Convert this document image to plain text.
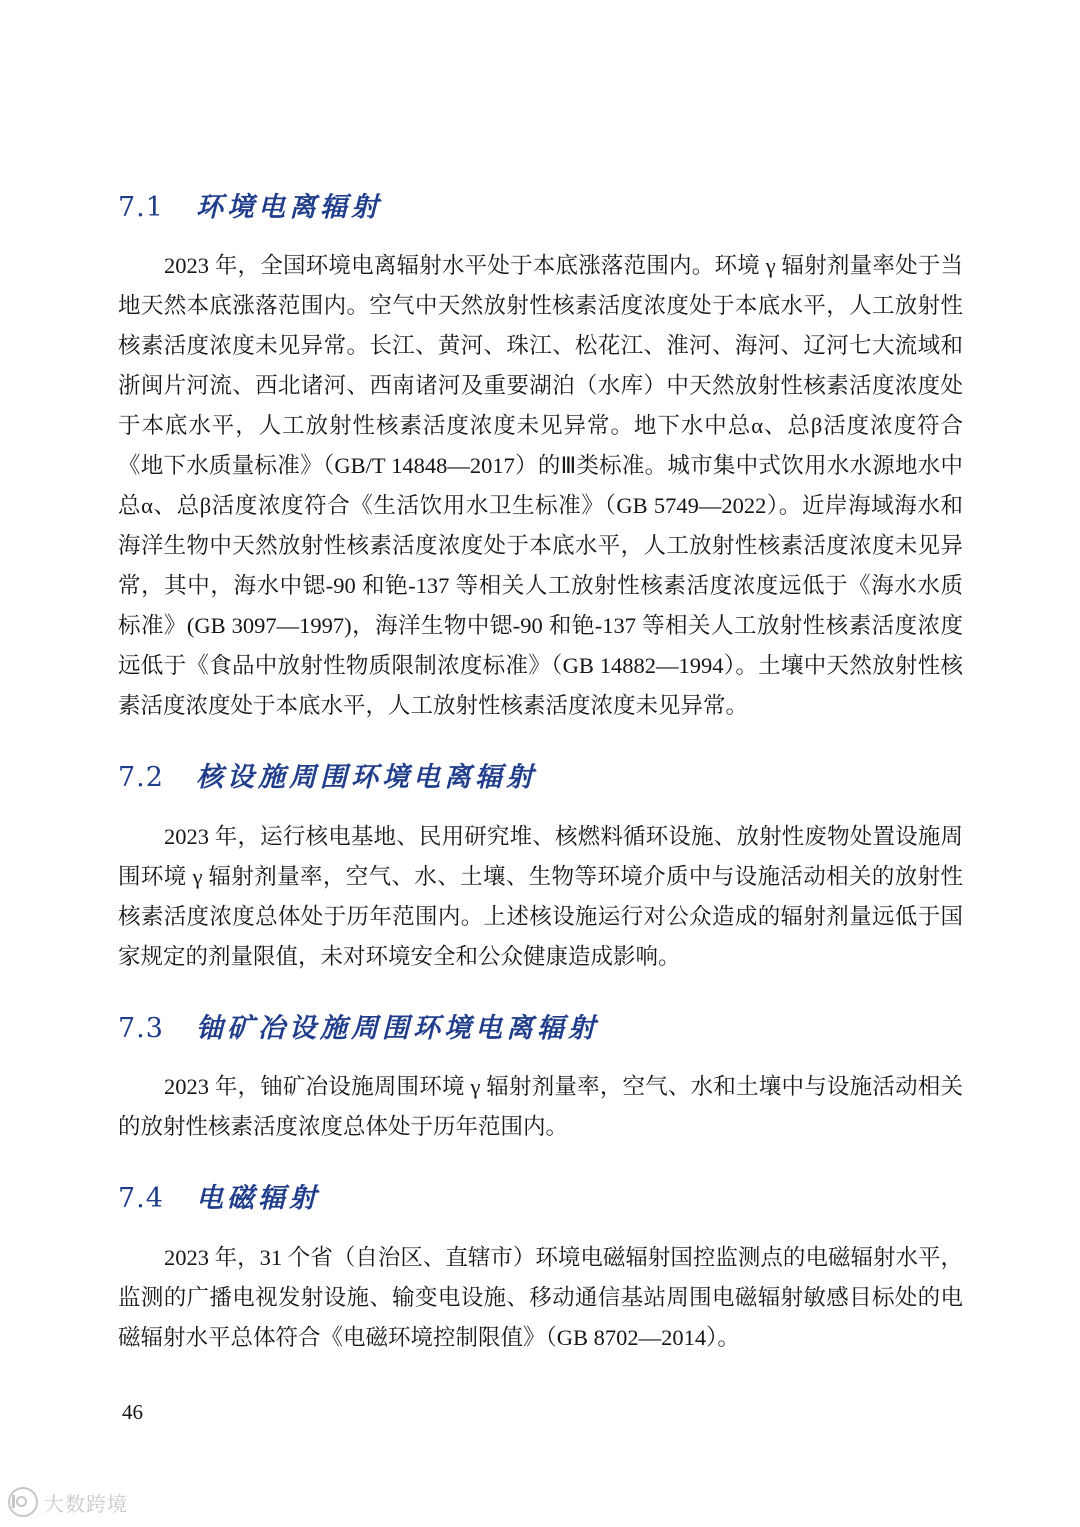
7.1 环境电离辐射

2023 年，全国环境电离辐射水平处于本底涨落范围内。环境 γ 辐射剂量率处于当地天然本底涨落范围内。空气中天然放射性核素活度浓度处于本底水平，人工放射性核素活度浓度未见异常。长江、黄河、珠江、松花江、淮河、海河、辽河七大流域和浙闽片河流、西北诸河、西南诸河及重要湖泊（水库）中天然放射性核素活度浓度处于本底水平，人工放射性核素活度浓度未见异常。地下水中总α、总β活度浓度符合《地下水质量标准》（GB/T 14848—2017）的Ⅲ类标准。城市集中式饮用水水源地水中总α、总β活度浓度符合《生活饮用水卫生标准》（GB 5749—2022）。近岸海域海水和海洋生物中天然放射性核素活度浓度处于本底水平，人工放射性核素活度浓度未见异常，其中，海水中锶-90 和铯-137 等相关人工放射性核素活度浓度远低于《海水水质标准》(GB 3097—1997)，海洋生物中锶-90 和铯-137 等相关人工放射性核素活度浓度远低于《食品中放射性物质限制浓度标准》（GB 14882—1994）。土壤中天然放射性核素活度浓度处于本底水平，人工放射性核素活度浓度未见异常。

7.2 核设施周围环境电离辐射

2023 年，运行核电基地、民用研究堆、核燃料循环设施、放射性废物处置设施周围环境 γ 辐射剂量率，空气、水、土壤、生物等环境介质中与设施活动相关的放射性核素活度浓度总体处于历年范围内。上述核设施运行对公众造成的辐射剂量远低于国家规定的剂量限值，未对环境安全和公众健康造成影响。

7.3 铀矿冶设施周围环境电离辐射

2023 年，铀矿冶设施周围环境 γ 辐射剂量率，空气、水和土壤中与设施活动相关的放射性核素活度浓度总体处于历年范围内。

7.4 电磁辐射

2023 年，31 个省（自治区、直辖市）环境电磁辐射国控监测点的电磁辐射水平，监测的广播电视发射设施、输变电设施、移动通信基站周围电磁辐射敏感目标处的电磁辐射水平总体符合《电磁环境控制限值》（GB 8702—2014）。

46
大数跨境
